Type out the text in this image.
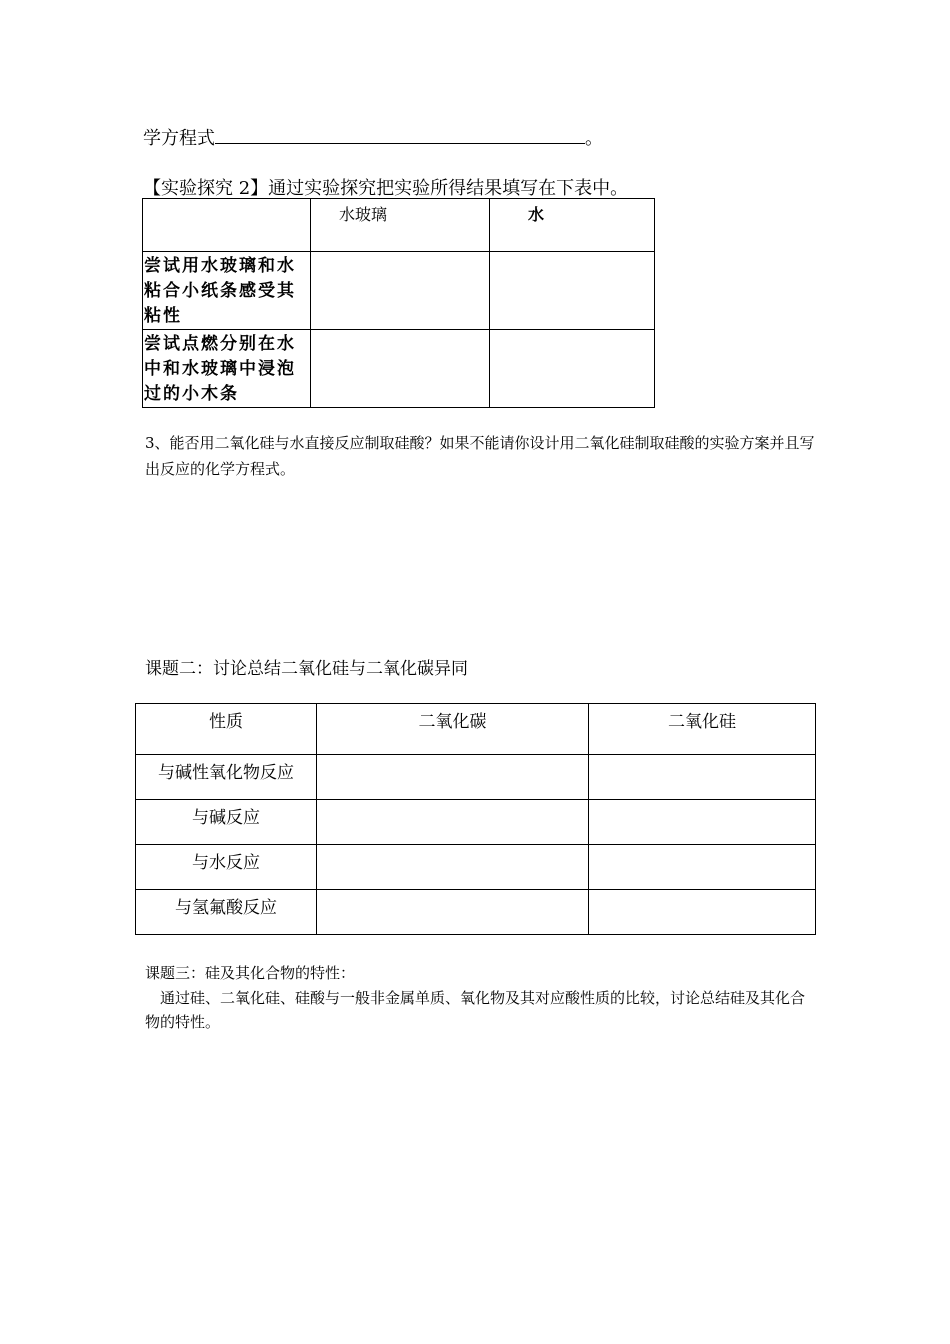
学方程式	。
【实验探究 2】通过实验探究把实验所得结果填写在下表中。
	水玻璃	水
尝试用水玻璃和水粘合小纸条感受其粘性		
尝试点燃分别在水中和水玻璃中浸泡过的小木条		
3、能否用二氧化硅与水直接反应制取硅酸？如果不能请你设计用二氧化硅制取硅酸的实验方案并且写出反应的化学方程式。
课题二：讨论总结二氧化硅与二氧化碳异同
性质	二氧化碳	二氧化硅
与碱性氧化物反应		
与碱反应		
与水反应		
与氢氟酸反应		
课题三：硅及其化合物的特性：
通过硅、二氧化硅、硅酸与一般非金属单质、氧化物及其对应酸性质的比较，讨论总结硅及其化合物的特性。
